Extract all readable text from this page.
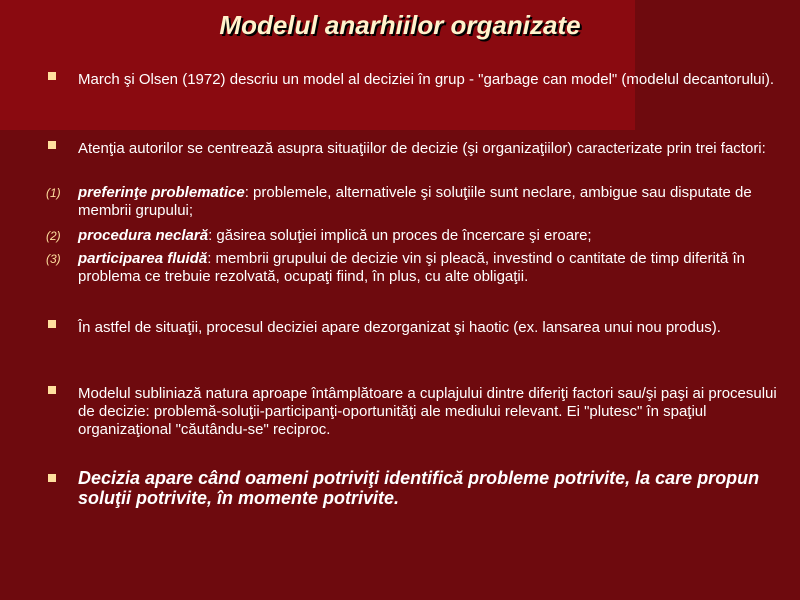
Modelul anarhiilor organizate
March şi Olsen (1972) descriu un model al deciziei în grup - "garbage can model" (modelul decantorului).
Atenţia autorilor se centrează asupra situaţiilor de decizie (şi organizaţiilor) caracterizate prin trei factori:
(1) preferinţe problematice: problemele, alternativele şi soluţiile sunt neclare, ambigue sau disputate de membrii grupului;
(2) procedura neclară: găsirea soluţiei implică un proces de încercare şi eroare;
(3) participarea fluidă: membrii grupului de decizie vin şi pleacă, investind o cantitate de timp diferită în problema ce trebuie rezolvată, ocupaţi fiind, în plus, cu alte obligaţii.
În astfel de situaţii, procesul deciziei apare dezorganizat şi haotic (ex. lansarea unui nou produs).
Modelul subliniază natura aproape întâmplătoare a cuplajului dintre diferiţi factori sau/şi paşi ai procesului de decizie: problemă-soluţii-participanţi-oportunităţi ale mediului relevant. Ei "plutesc" în spaţiul organizaţional "căutându-se" reciproc.
Decizia apare când oameni potriviţi identifică probleme potrivite, la care propun soluţii potrivite, în momente potrivite.
